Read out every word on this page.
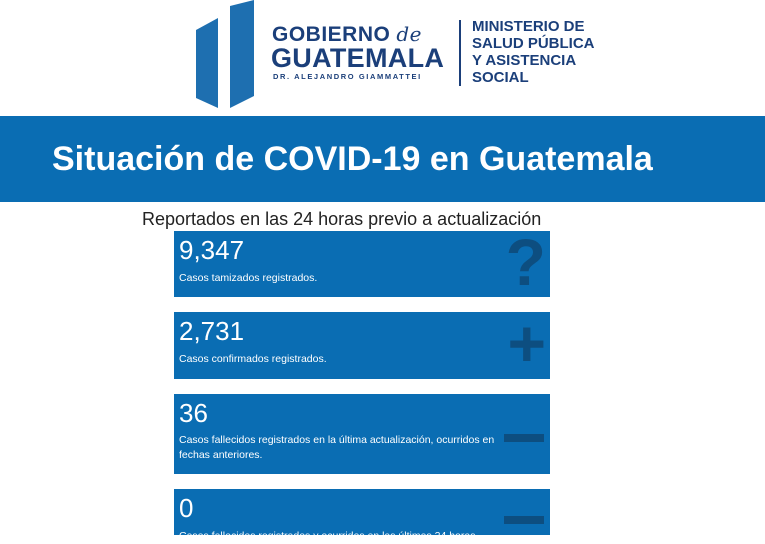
GOBIERNO de
GUATEMALA
DR. ALEJANDRO GIAMMATTEI
MINISTERIO DE
SALUD PÚBLICA
Y ASISTENCIA
SOCIAL
Situación de COVID-19 en Guatemala
Reportados en las 24 horas previo a actualización
?
9,347
Casos tamizados registrados.
+
2,731
Casos confirmados registrados.
36
Casos fallecidos registrados en la última actualización, ocurridos en fechas anteriores.
0
Casos fallecidos registrados y ocurridos en las últimas 24 horas.
